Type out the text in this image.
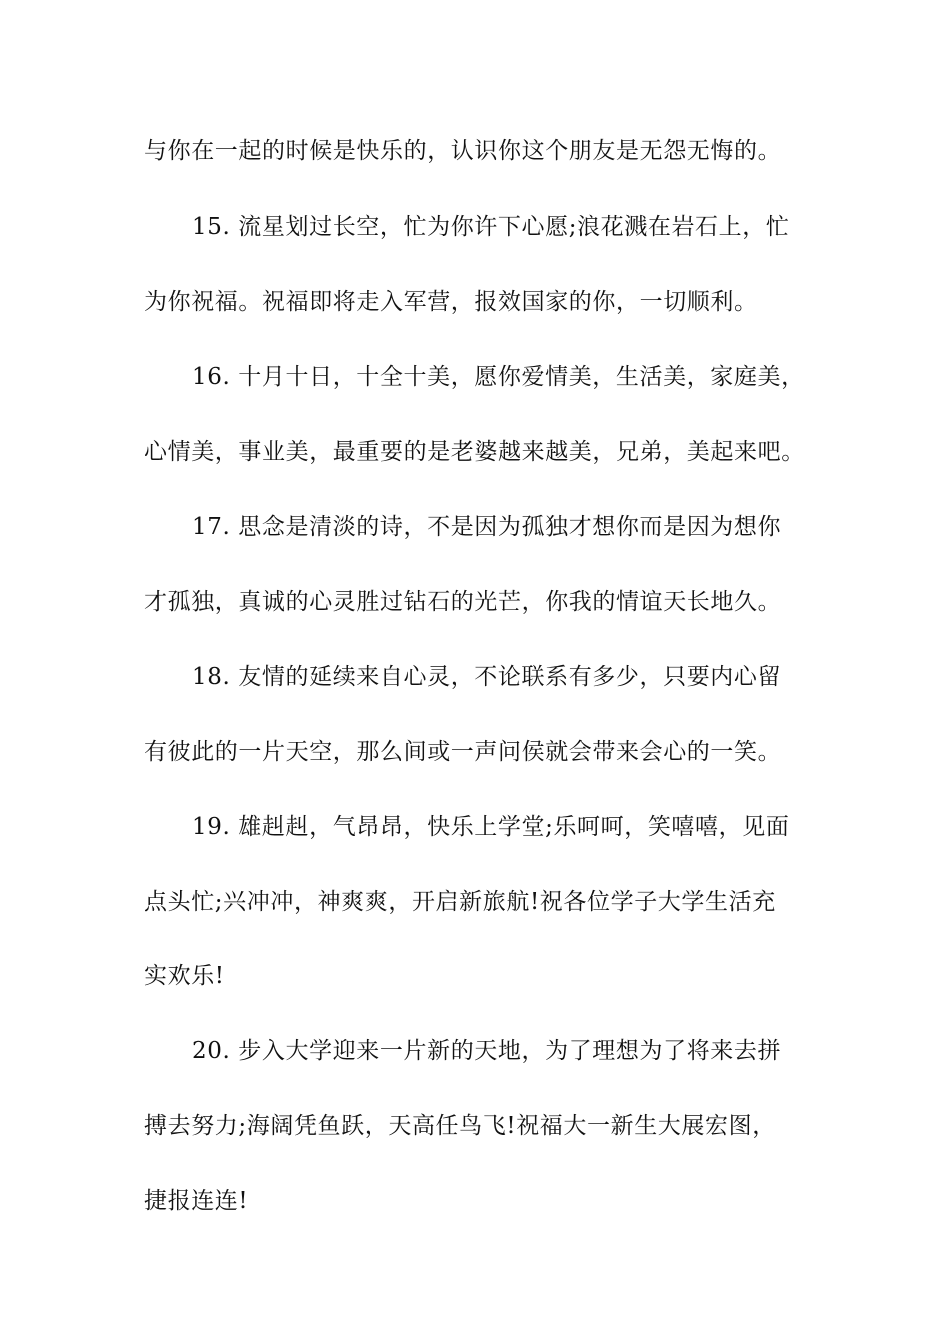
与你在一起的时候是快乐的，认识你这个朋友是无怨无悔的。
15. 流星划过长空，忙为你许下心愿;浪花溅在岩石上，忙
为你祝福。祝福即将走入军营，报效国家的你，一切顺利。
16. 十月十日，十全十美，愿你爱情美，生活美，家庭美，
心情美，事业美，最重要的是老婆越来越美，兄弟，美起来吧。
17. 思念是清淡的诗，不是因为孤独才想你而是因为想你
才孤独，真诚的心灵胜过钻石的光芒，你我的情谊天长地久。
18. 友情的延续来自心灵，不论联系有多少，只要内心留
有彼此的一片天空，那么间或一声问侯就会带来会心的一笑。
19. 雄赳赳，气昂昂，快乐上学堂;乐呵呵，笑嘻嘻，见面
点头忙;兴冲冲，神爽爽，开启新旅航!祝各位学子大学生活充
实欢乐!
20. 步入大学迎来一片新的天地，为了理想为了将来去拼
搏去努力;海阔凭鱼跃，天高任鸟飞!祝福大一新生大展宏图，
捷报连连!
